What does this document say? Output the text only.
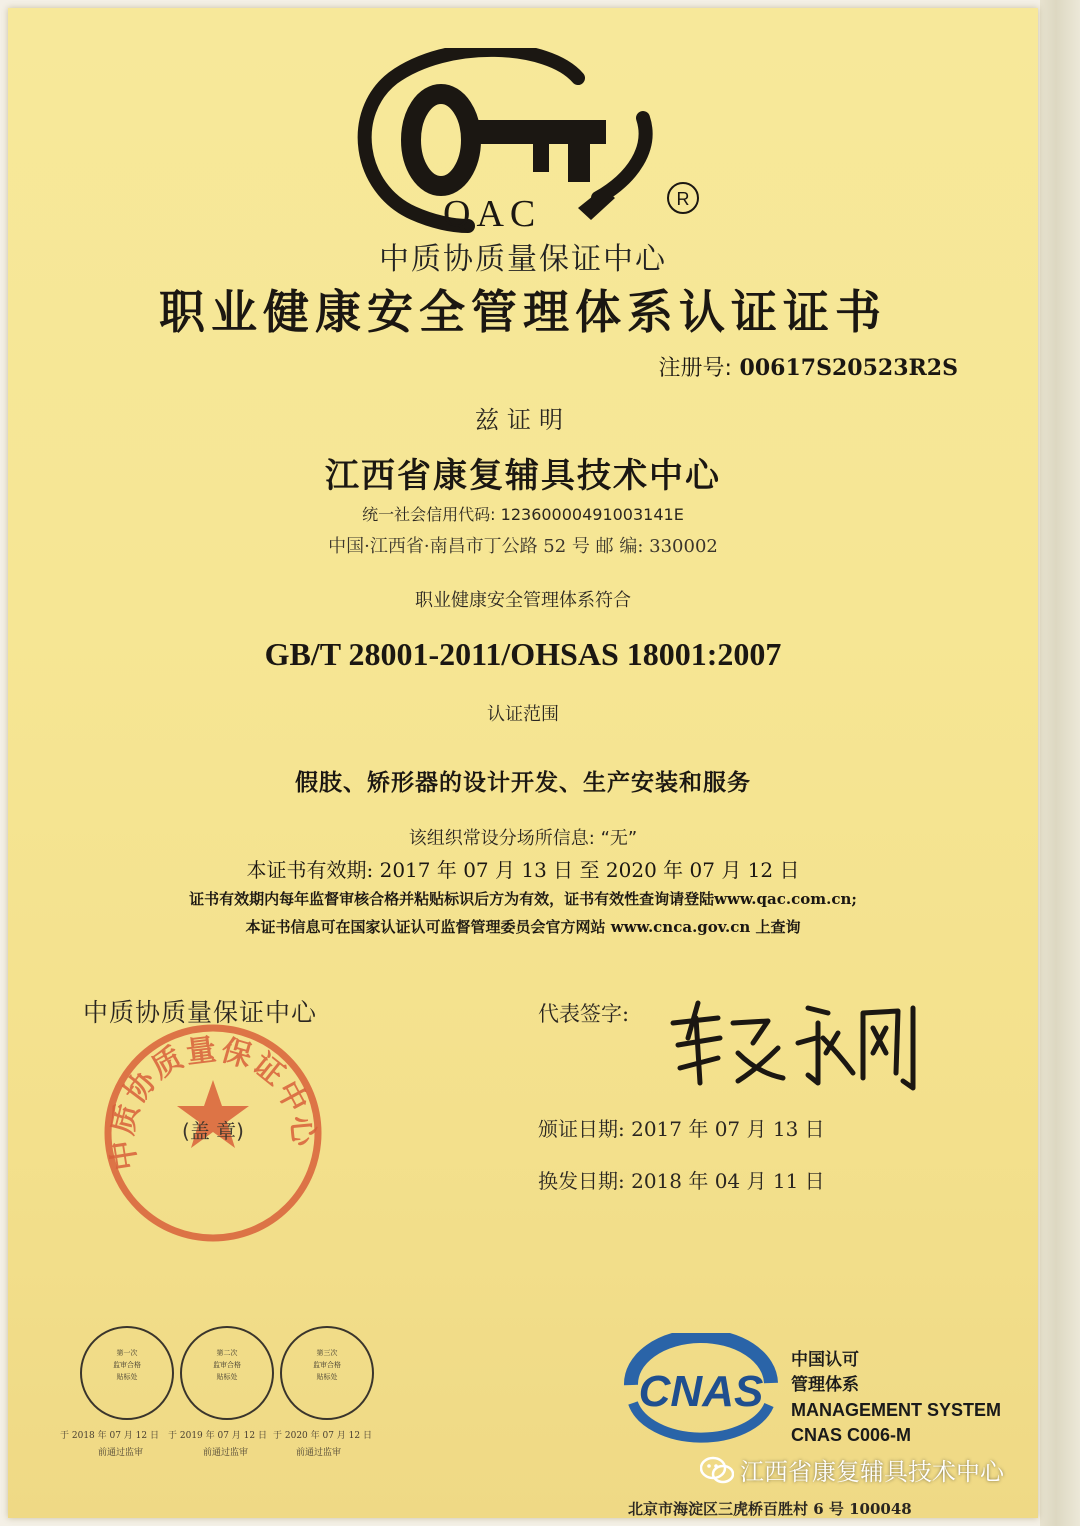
QAC	R
中质协质量保证中心
职业健康安全管理体系认证证书
注册号: 00617S20523R2S
兹证明
江西省康复辅具技术中心
统一社会信用代码: 12360000491003141E
中国·江西省·南昌市丁公路 52 号 邮 编: 330002
职业健康安全管理体系符合
GB/T 28001-2011/OHSAS 18001:2007
认证范围
假肢、矫形器的设计开发、生产安装和服务
该组织常设分场所信息: “无”
本证书有效期: 2017 年 07 月 13 日 至 2020 年 07 月 12 日
证书有效期内每年监督审核合格并粘贴标识后方为有效，证书有效性查询请登陆www.qac.com.cn;
本证书信息可在国家认证认可监督管理委员会官方网站 www.cnca.gov.cn 上查询
中质协质量保证中心
(盖 章)
中质协质量保证中心	代表签字:
颁证日期: 2017 年 07 月 13 日
换发日期: 2018 年 04 月 11 日
第一次
监审合格
贴标处
于 2018 年 07 月 12 日
前通过监审
第二次
监审合格
贴标处
于 2019 年 07 月 12 日
前通过监审
第三次
监审合格
贴标处
于 2020 年 07 月 12 日
前通过监审
CNAS
中国认可
管理体系
MANAGEMENT SYSTEM
CNAS C006-M
北京市海淀区三虎桥百胜村 6 号 100048
江西省康复辅具技术中心
